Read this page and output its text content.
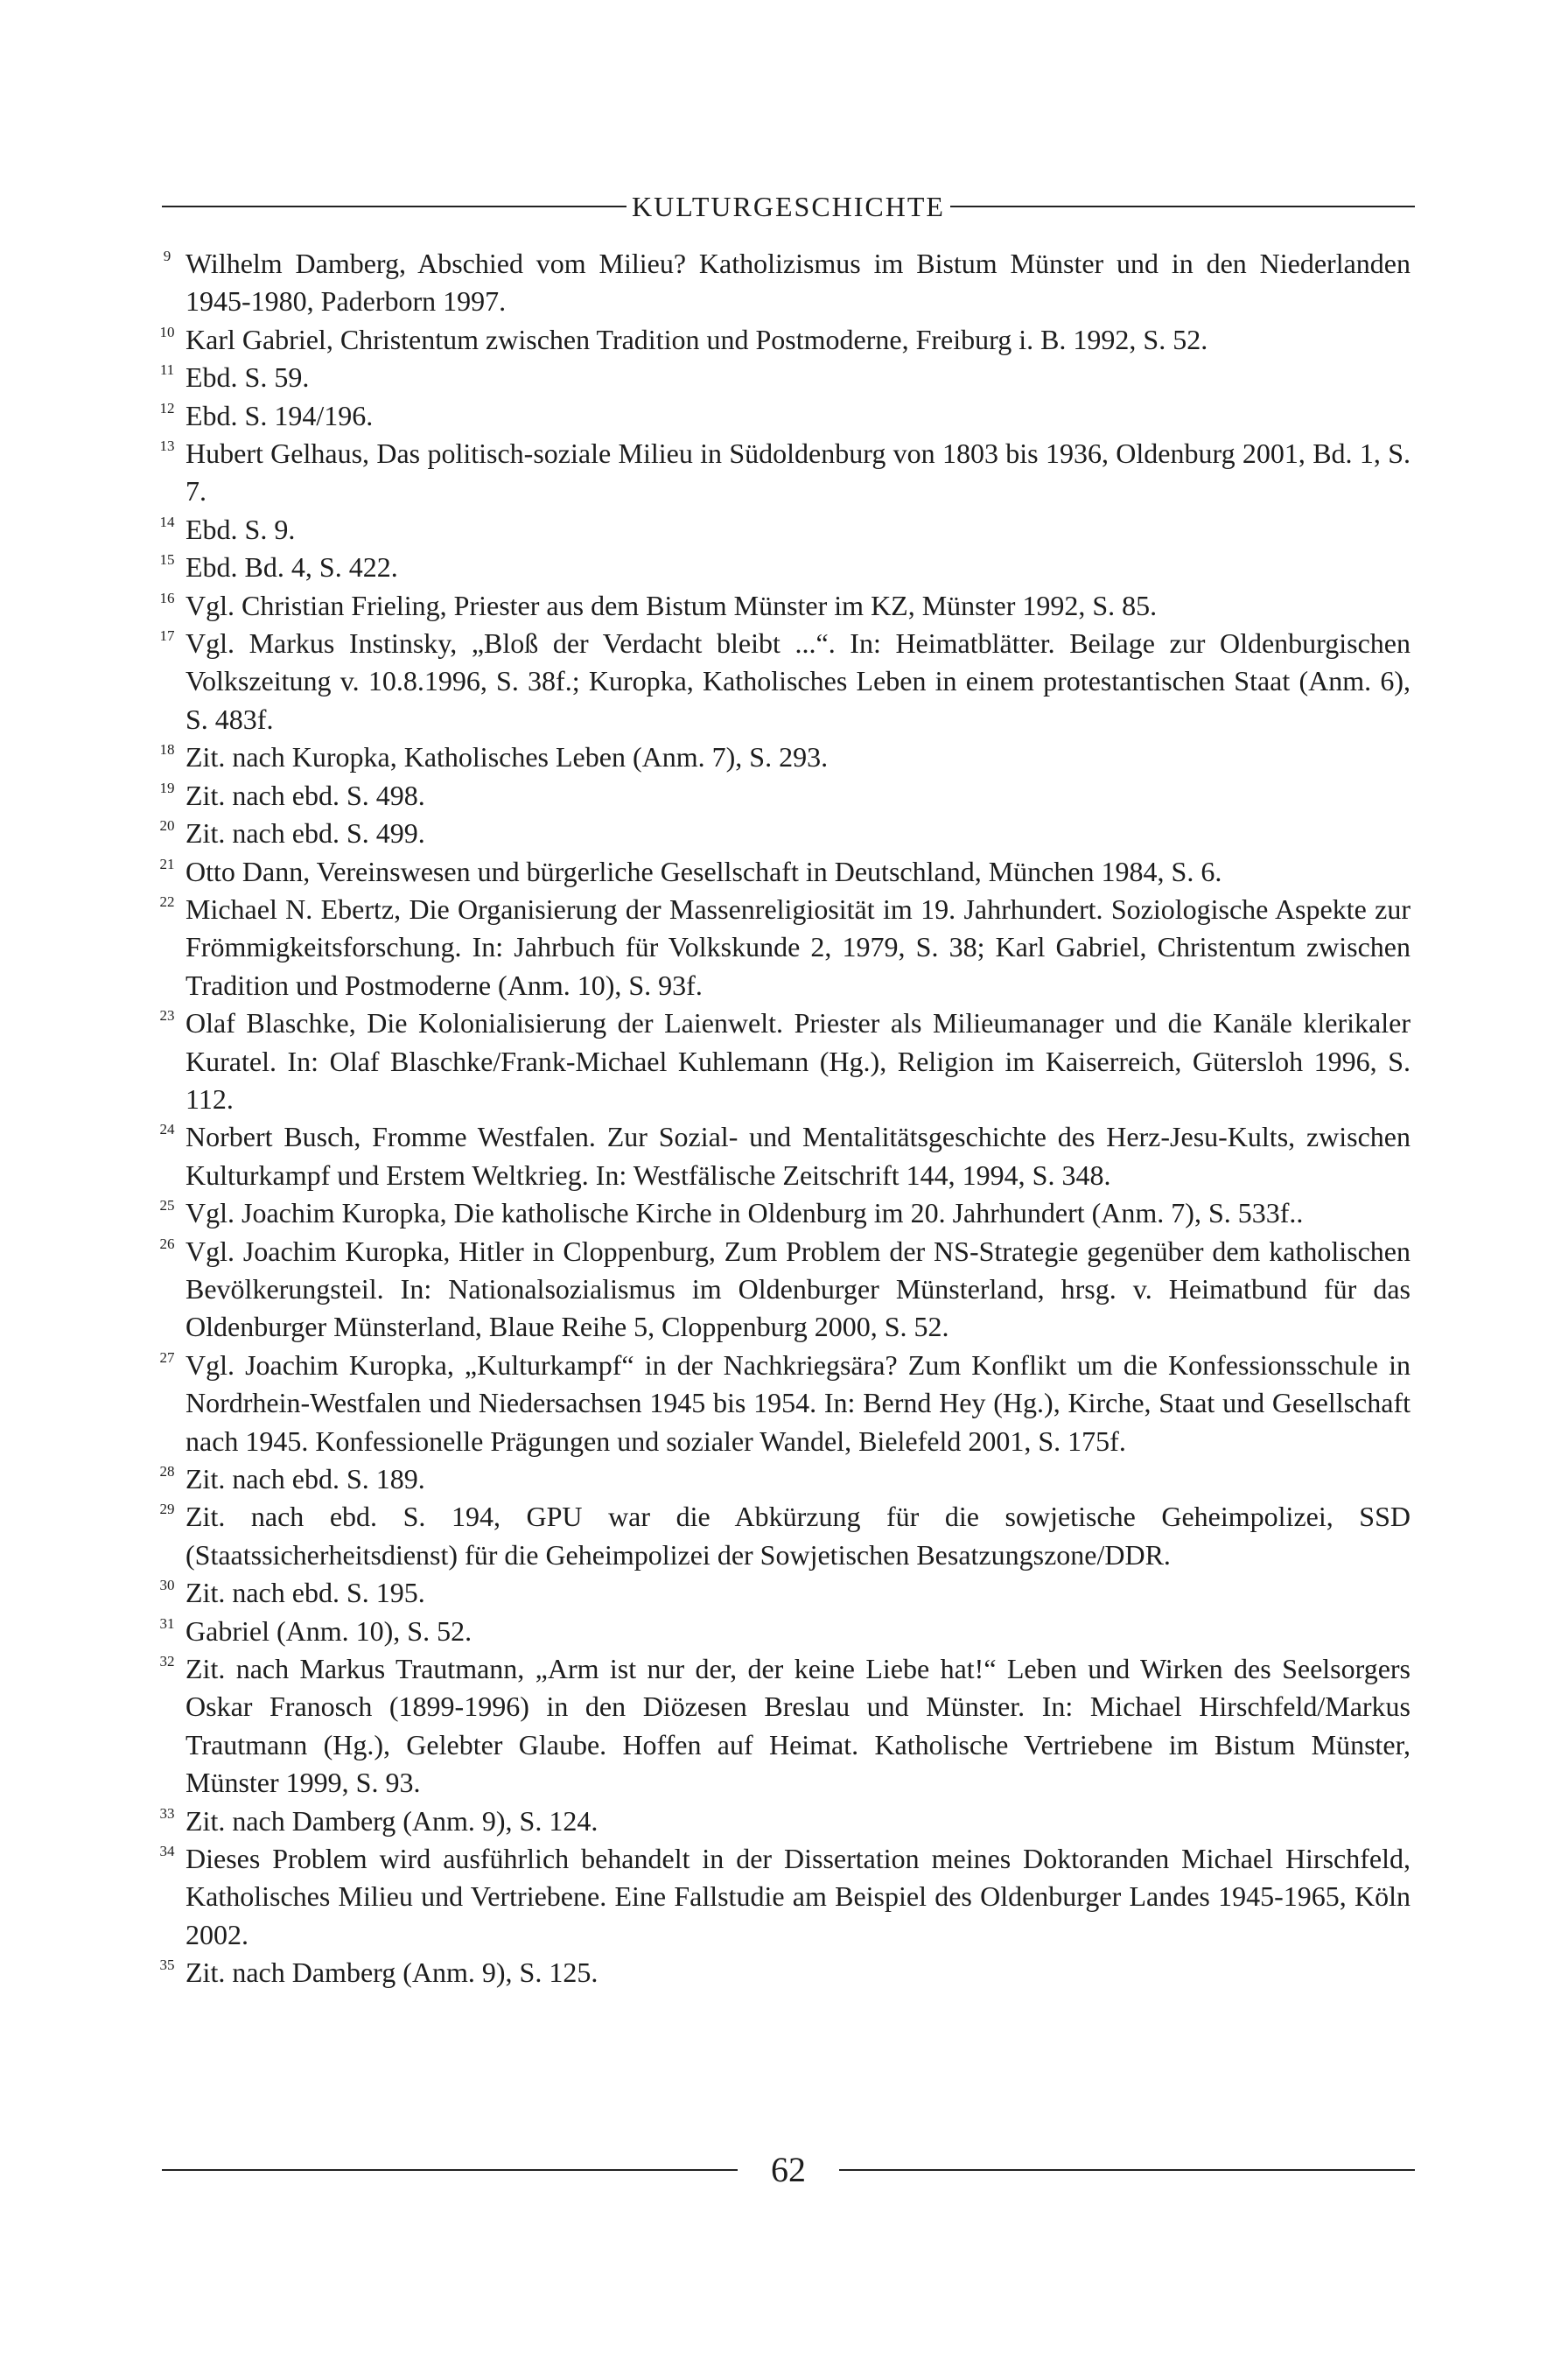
KULTURGESCHICHTE
9 Wilhelm Damberg, Abschied vom Milieu? Katholizismus im Bistum Münster und in den Niederlanden 1945-1980, Paderborn 1997.
10 Karl Gabriel, Christentum zwischen Tradition und Postmoderne, Freiburg i. B. 1992, S. 52.
11 Ebd. S. 59.
12 Ebd. S. 194/196.
13 Hubert Gelhaus, Das politisch-soziale Milieu in Südoldenburg von 1803 bis 1936, Oldenburg 2001, Bd. 1, S. 7.
14 Ebd. S. 9.
15 Ebd. Bd. 4, S. 422.
16 Vgl. Christian Frieling, Priester aus dem Bistum Münster im KZ, Münster 1992, S. 85.
17 Vgl. Markus Instinsky, „Bloß der Verdacht bleibt ...“. In: Heimatblätter. Beilage zur Oldenburgischen Volkszeitung v. 10.8.1996, S. 38f.; Kuropka, Katholisches Leben in einem protestantischen Staat (Anm. 6), S. 483f.
18 Zit. nach Kuropka, Katholisches Leben (Anm. 7), S. 293.
19 Zit. nach ebd. S. 498.
20 Zit. nach ebd. S. 499.
21 Otto Dann, Vereinswesen und bürgerliche Gesellschaft in Deutschland, München 1984, S. 6.
22 Michael N. Ebertz, Die Organisierung der Massenreligiosität im 19. Jahrhundert. Soziologische Aspekte zur Frömmigkeitsforschung. In: Jahrbuch für Volkskunde 2, 1979, S. 38; Karl Gabriel, Christentum zwischen Tradition und Postmoderne (Anm. 10), S. 93f.
23 Olaf Blaschke, Die Kolonialisierung der Laienwelt. Priester als Milieumanager und die Kanäle klerikaler Kuratel. In: Olaf Blaschke/Frank-Michael Kuhlemann (Hg.), Religion im Kaiserreich, Gütersloh 1996, S. 112.
24 Norbert Busch, Fromme Westfalen. Zur Sozial- und Mentalitätsgeschichte des Herz-Jesu-Kults, zwischen Kulturkampf und Erstem Weltkrieg. In: Westfälische Zeitschrift 144, 1994, S. 348.
25 Vgl. Joachim Kuropka, Die katholische Kirche in Oldenburg im 20. Jahrhundert (Anm. 7), S. 533f..
26 Vgl. Joachim Kuropka, Hitler in Cloppenburg, Zum Problem der NS-Strategie gegenüber dem katholischen Bevölkerungsteil. In: Nationalsozialismus im Oldenburger Münsterland, hrsg. v. Heimatbund für das Oldenburger Münsterland, Blaue Reihe 5, Cloppenburg 2000, S. 52.
27 Vgl. Joachim Kuropka, „Kulturkampf“ in der Nachkriegsära? Zum Konflikt um die Konfessionsschule in Nordrhein-Westfalen und Niedersachsen 1945 bis 1954. In: Bernd Hey (Hg.), Kirche, Staat und Gesellschaft nach 1945. Konfessionelle Prägungen und sozialer Wandel, Bielefeld 2001, S. 175f.
28 Zit. nach ebd. S. 189.
29 Zit. nach ebd. S. 194, GPU war die Abkürzung für die sowjetische Geheimpolizei, SSD (Staatssicherheitsdienst) für die Geheimpolizei der Sowjetischen Besatzungszone/DDR.
30 Zit. nach ebd. S. 195.
31 Gabriel (Anm. 10), S. 52.
32 Zit. nach Markus Trautmann, „Arm ist nur der, der keine Liebe hat!“ Leben und Wirken des Seelsorgers Oskar Franosch (1899-1996) in den Diözesen Breslau und Münster. In: Michael Hirschfeld/Markus Trautmann (Hg.), Gelebter Glaube. Hoffen auf Heimat. Katholische Vertriebene im Bistum Münster, Münster 1999, S. 93.
33 Zit. nach Damberg (Anm. 9), S. 124.
34 Dieses Problem wird ausführlich behandelt in der Dissertation meines Doktoranden Michael Hirschfeld, Katholisches Milieu und Vertriebene. Eine Fallstudie am Beispiel des Oldenburger Landes 1945-1965, Köln 2002.
35 Zit. nach Damberg (Anm. 9), S. 125.
62
